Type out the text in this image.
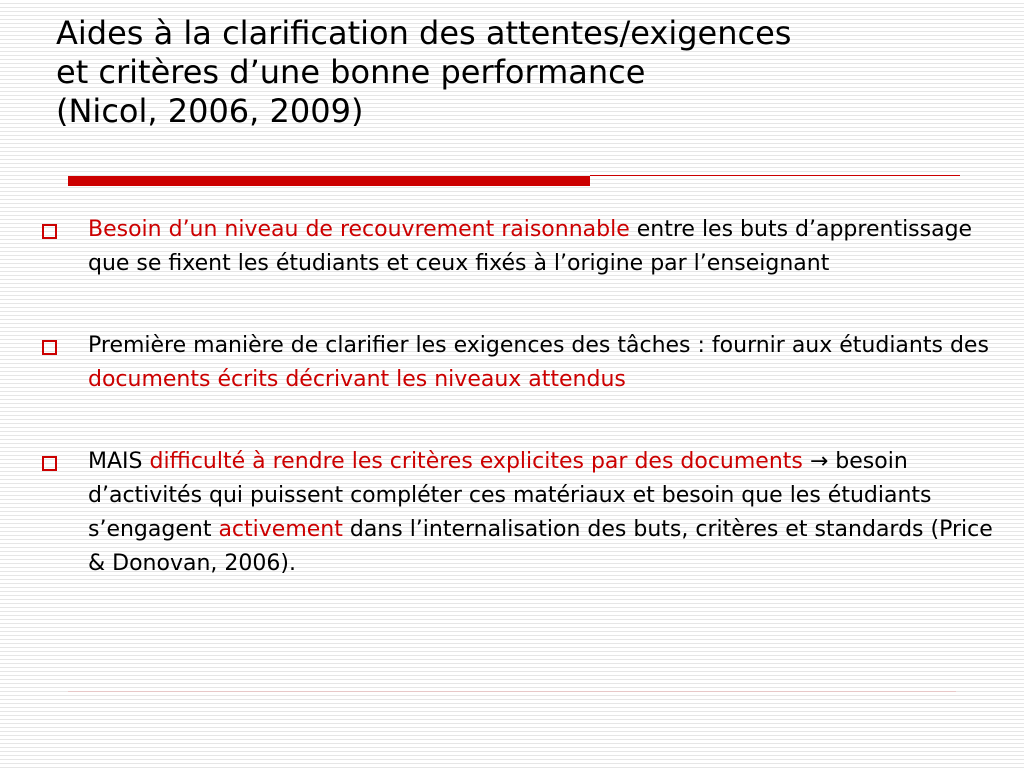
Aides à la clarification des attentes/exigences
et critères d’une bonne performance
(Nicol, 2006, 2009)
Besoin d’un niveau de recouvrement raisonnable entre les buts d’apprentissage que se fixent les étudiants et ceux fixés à l’origine par l’enseignant
Première manière de clarifier les exigences des tâches : fournir aux étudiants des documents écrits décrivant les niveaux attendus
MAIS difficulté à rendre les critères explicites par des documents → besoin d’activités qui puissent compléter ces matériaux et besoin que les étudiants s’engagent activement dans l’internalisation des buts, critères et standards (Price & Donovan, 2006).
